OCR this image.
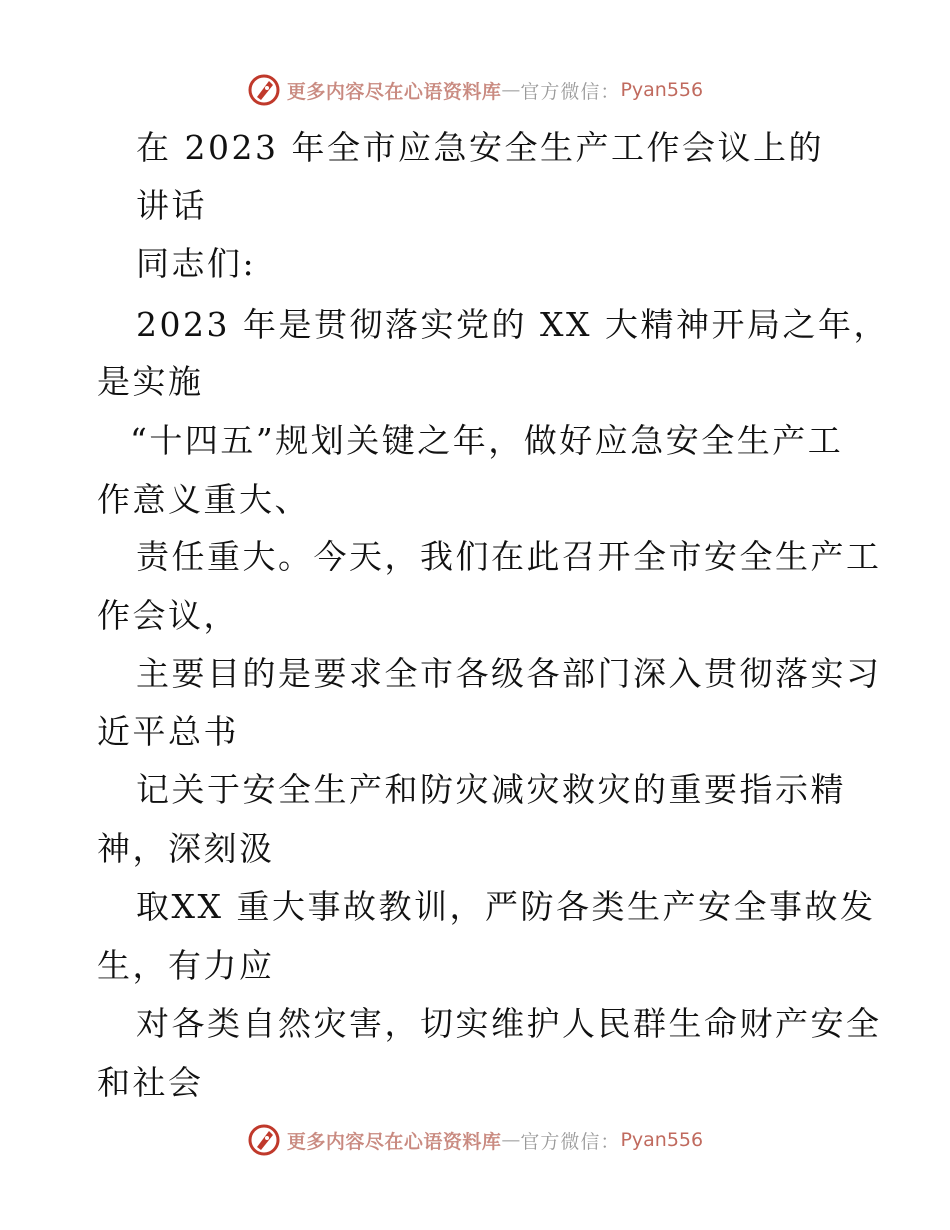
更多内容尽在心语资料库 — 官方微信： Pyan556
在 2023 年全市应急安全生产工作会议上的
讲话
同志们:
2023 年是贯彻落实党的 XX 大精神开局之年，
是实施
“十四五”规划关键之年，做好应急安全生产工
作意义重大、
责任重大。今天，我们在此召开全市安全生产工
作会议，
主要目的是要求全市各级各部门深入贯彻落实习
近平总书
记关于安全生产和防灾减灾救灾的重要指示精
神，深刻汲
取XX 重大事故教训，严防各类生产安全事故发
生，有力应
对各类自然灾害，切实维护人民群生命财产安全
和社会
更多内容尽在心语资料库 — 官方微信： Pyan556
